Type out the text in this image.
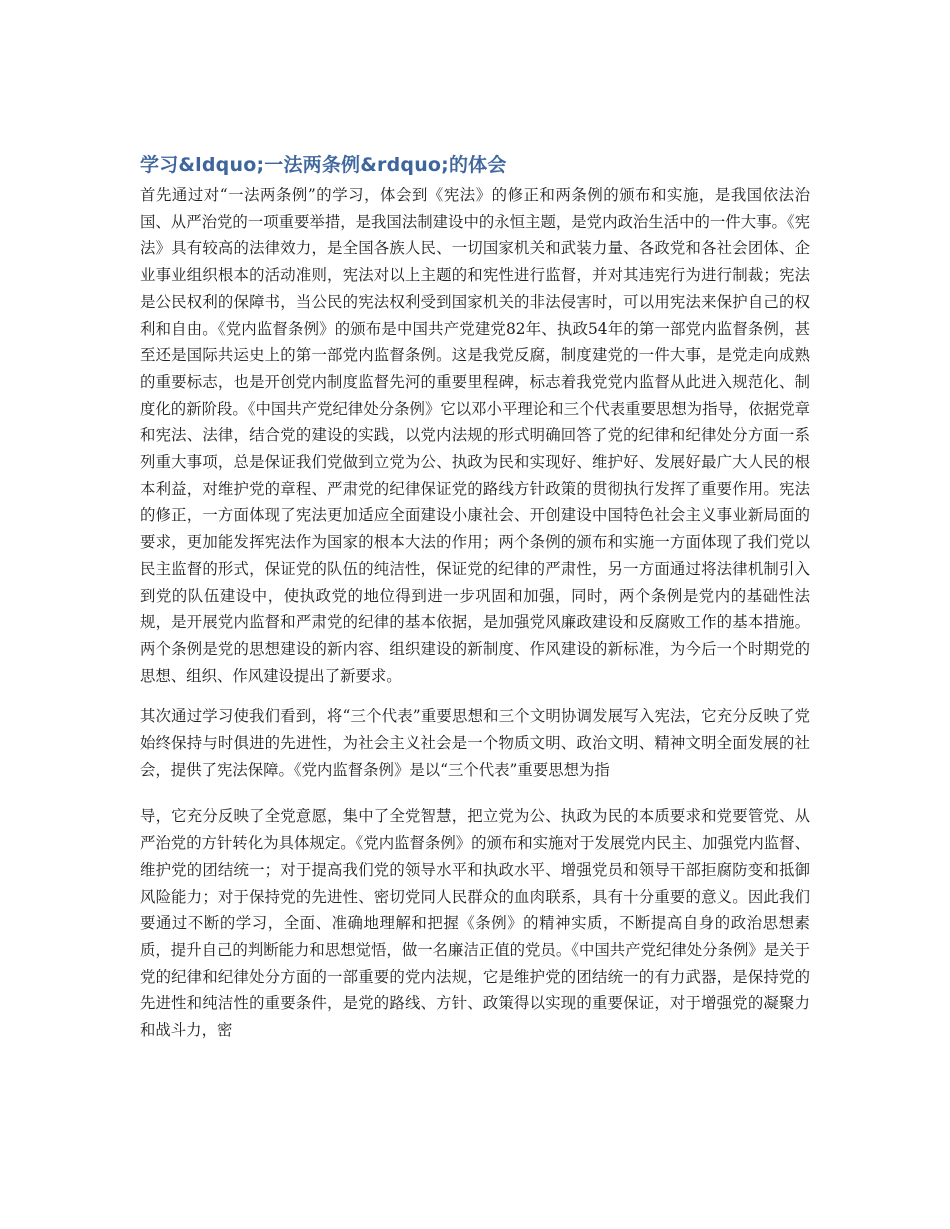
学习&ldquo;一法两条例&rdquo;的体会

首先通过对“一法两条例”的学习，体会到《宪法》的修正和两条例的颁布和实施，是我国依法治国、从严治党的一项重要举措，是我国法制建设中的永恒主题，是党内政治生活中的一件大事。《宪法》具有较高的法律效力，是全国各族人民、一切国家机关和武装力量、各政党和各社会团体、企业事业组织根本的活动准则，宪法对以上主题的和宪性进行监督，并对其违宪行为进行制裁；宪法是公民权利的保障书，当公民的宪法权利受到国家机关的非法侵害时，可以用宪法来保护自己的权利和自由。《党内监督条例》的颁布是中国共产党建党82年、执政54年的第一部党内监督条例，甚至还是国际共运史上的第一部党内监督条例。这是我党反腐，制度建党的一件大事，是党走向成熟的重要标志，也是开创党内制度监督先河的重要里程碑，标志着我党党内监督从此进入规范化、制度化的新阶段。《中国共产党纪律处分条例》它以邓小平理论和三个代表重要思想为指导，依据党章和宪法、法律，结合党的建设的实践，以党内法规的形式明确回答了党的纪律和纪律处分方面一系列重大事项，总是保证我们党做到立党为公、执政为民和实现好、维护好、发展好最广大人民的根本利益，对维护党的章程、严肃党的纪律保证党的路线方针政策的贯彻执行发挥了重要作用。宪法的修正，一方面体现了宪法更加适应全面建设小康社会、开创建设中国特色社会主义事业新局面的要求，更加能发挥宪法作为国家的根本大法的作用；两个条例的颁布和实施一方面体现了我们党以民主监督的形式，保证党的队伍的纯洁性，保证党的纪律的严肃性，另一方面通过将法律机制引入到党的队伍建设中，使执政党的地位得到进一步巩固和加强，同时，两个条例是党内的基础性法规，是开展党内监督和严肃党的纪律的基本依据，是加强党风廉政建设和反腐败工作的基本措施。两个条例是党的思想建设的新内容、组织建设的新制度、作风建设的新标准，为今后一个时期党的思想、组织、作风建设提出了新要求。

其次通过学习使我们看到，将“三个代表”重要思想和三个文明协调发展写入宪法，它充分反映了党始终保持与时俱进的先进性，为社会主义社会是一个物质文明、政治文明、精神文明全面发展的社会，提供了宪法保障。《党内监督条例》是以“三个代表”重要思想为指

导，它充分反映了全党意愿，集中了全党智慧，把立党为公、执政为民的本质要求和党要管党、从严治党的方针转化为具体规定。《党内监督条例》的颁布和实施对于发展党内民主、加强党内监督、维护党的团结统一；对于提高我们党的领导水平和执政水平、增强党员和领导干部拒腐防变和抵御风险能力；对于保持党的先进性、密切党同人民群众的血肉联系，具有十分重要的意义。因此我们要通过不断的学习，全面、准确地理解和把握《条例》的精神实质，不断提高自身的政治思想素质，提升自己的判断能力和思想觉悟，做一名廉洁正值的党员。《中国共产党纪律处分条例》是关于党的纪律和纪律处分方面的一部重要的党内法规，它是维护党的团结统一的有力武器，是保持党的先进性和纯洁性的重要条件，是党的路线、方针、政策得以实现的重要保证，对于增强党的凝聚力和战斗力，密
